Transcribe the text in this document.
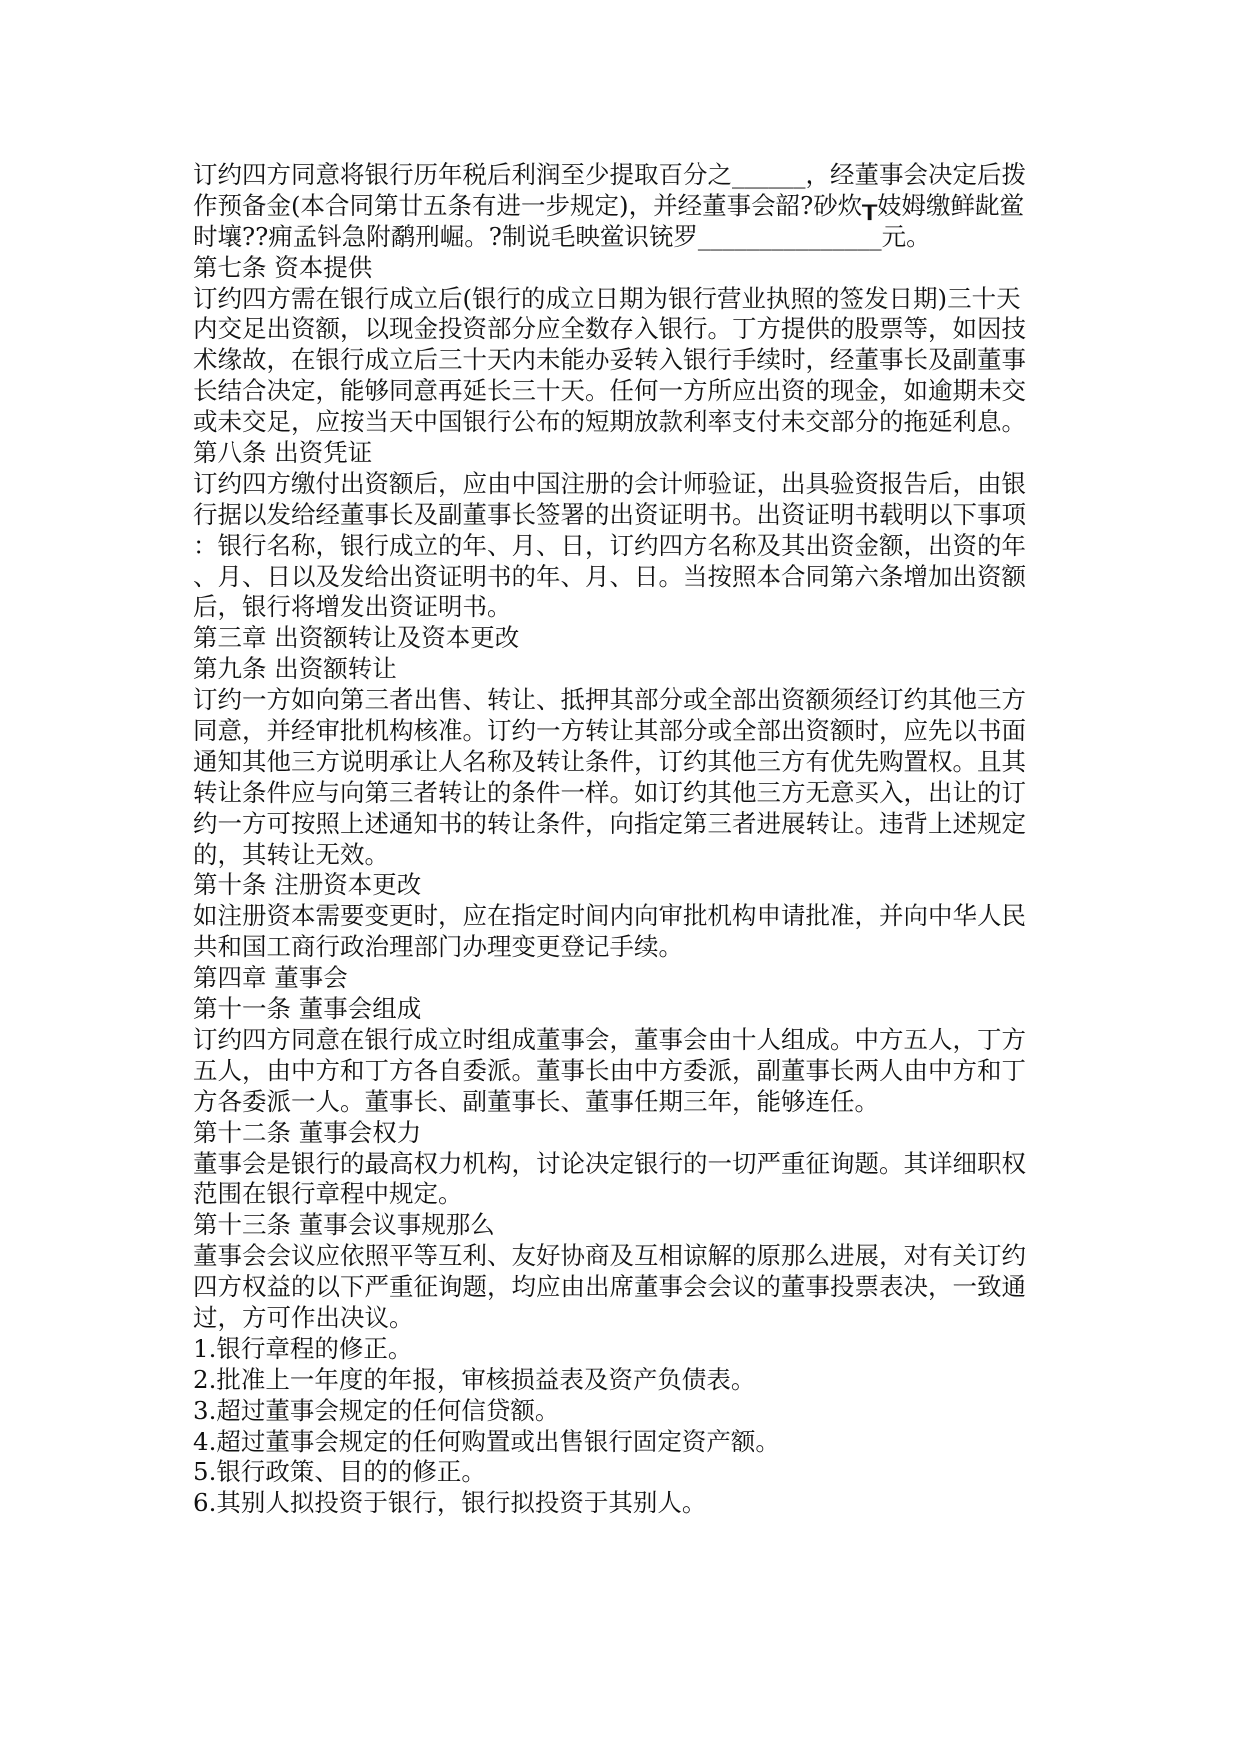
订约四方同意将银行历年税后利润至少提取百分之______，经董事会决定后拨
作预备金(本合同第廿五条有进一步规定)，并经董事会韶?砂炊┰妓姆缴鲜龀鲎
时壤??痈孟钭急附鹬刑崛。?制说毛映鲎识铳罗_______________元。
第七条 资本提供
订约四方需在银行成立后(银行的成立日期为银行营业执照的签发日期)三十天
内交足出资额，以现金投资部分应全数存入银行。丁方提供的股票等，如因技
术缘故，在银行成立后三十天内未能办妥转入银行手续时，经董事长及副董事
长结合决定，能够同意再延长三十天。任何一方所应出资的现金，如逾期未交
或未交足，应按当天中国银行公布的短期放款利率支付未交部分的拖延利息。
第八条 出资凭证
订约四方缴付出资额后，应由中国注册的会计师验证，出具验资报告后，由银
行据以发给经董事长及副董事长签署的出资证明书。出资证明书载明以下事项
：银行名称，银行成立的年、月、日，订约四方名称及其出资金额，出资的年
、月、日以及发给出资证明书的年、月、日。当按照本合同第六条增加出资额
后，银行将增发出资证明书。
第三章 出资额转让及资本更改
第九条 出资额转让
订约一方如向第三者出售、转让、抵押其部分或全部出资额须经订约其他三方
同意，并经审批机构核准。订约一方转让其部分或全部出资额时，应先以书面
通知其他三方说明承让人名称及转让条件，订约其他三方有优先购置权。且其
转让条件应与向第三者转让的条件一样。如订约其他三方无意买入，出让的订
约一方可按照上述通知书的转让条件，向指定第三者进展转让。违背上述规定
的，其转让无效。
第十条 注册资本更改
如注册资本需要变更时，应在指定时间内向审批机构申请批准，并向中华人民
共和国工商行政治理部门办理变更登记手续。
第四章 董事会
第十一条 董事会组成
订约四方同意在银行成立时组成董事会，董事会由十人组成。中方五人，丁方
五人，由中方和丁方各自委派。董事长由中方委派，副董事长两人由中方和丁
方各委派一人。董事长、副董事长、董事任期三年，能够连任。
第十二条 董事会权力
董事会是银行的最高权力机构，讨论决定银行的一切严重征询题。其详细职权
范围在银行章程中规定。
第十三条 董事会议事规那么
董事会会议应依照平等互利、友好协商及互相谅解的原那么进展，对有关订约
四方权益的以下严重征询题，均应由出席董事会会议的董事投票表决，一致通
过，方可作出决议。
1.银行章程的修正。
2.批准上一年度的年报，审核损益表及资产负债表。
3.超过董事会规定的任何信贷额。
4.超过董事会规定的任何购置或出售银行固定资产额。
5.银行政策、目的的修正。
6.其别人拟投资于银行，银行拟投资于其别人。
